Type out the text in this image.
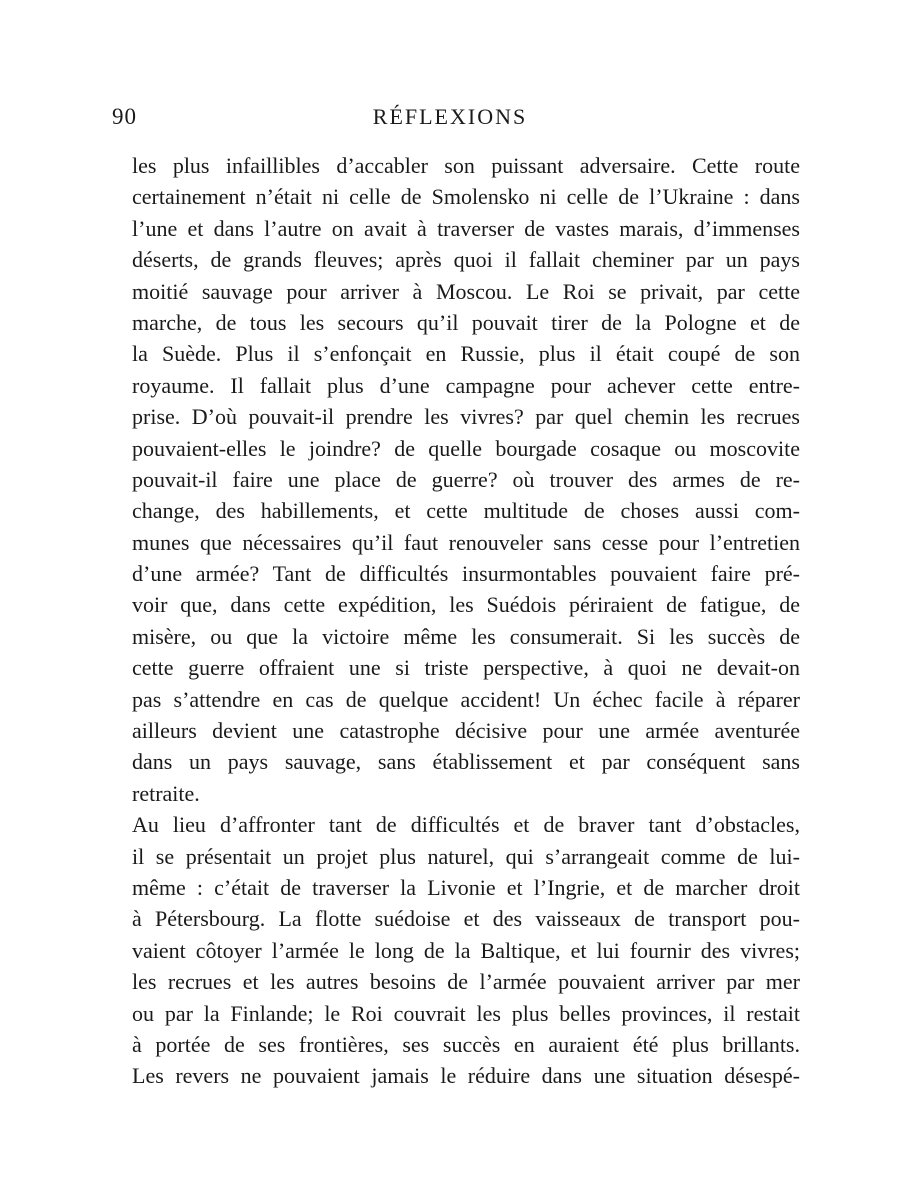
90	RÉFLEXIONS
les plus infaillibles d’accabler son puissant adversaire. Cette route
certainement n’était ni celle de Smolensko ni celle de l’Ukraine : dans
l’une et dans l’autre on avait à traverser de vastes marais, d’immenses
déserts, de grands fleuves; après quoi il fallait cheminer par un pays
moitié sauvage pour arriver à Moscou. Le Roi se privait, par cette
marche, de tous les secours qu’il pouvait tirer de la Pologne et de
la Suède. Plus il s’enfonçait en Russie, plus il était coupé de son
royaume. Il fallait plus d’une campagne pour achever cette entre-
prise. D’où pouvait-il prendre les vivres? par quel chemin les recrues
pouvaient-elles le joindre? de quelle bourgade cosaque ou moscovite
pouvait-il faire une place de guerre? où trouver des armes de re-
change, des habillements, et cette multitude de choses aussi com-
munes que nécessaires qu’il faut renouveler sans cesse pour l’entretien
d’une armée? Tant de difficultés insurmontables pouvaient faire pré-
voir que, dans cette expédition, les Suédois périraient de fatigue, de
misère, ou que la victoire même les consumerait. Si les succès de
cette guerre offraient une si triste perspective, à quoi ne devait-on
pas s’attendre en cas de quelque accident! Un échec facile à réparer
ailleurs devient une catastrophe décisive pour une armée aventurée
dans un pays sauvage, sans établissement et par conséquent sans
retraite.
Au lieu d’affronter tant de difficultés et de braver tant d’obstacles,
il se présentait un projet plus naturel, qui s’arrangeait comme de lui-
même : c’était de traverser la Livonie et l’Ingrie, et de marcher droit
à Pétersbourg. La flotte suédoise et des vaisseaux de transport pou-
vaient côtoyer l’armée le long de la Baltique, et lui fournir des vivres;
les recrues et les autres besoins de l’armée pouvaient arriver par mer
ou par la Finlande; le Roi couvrait les plus belles provinces, il restait
à portée de ses frontières, ses succès en auraient été plus brillants.
Les revers ne pouvaient jamais le réduire dans une situation désespé-
